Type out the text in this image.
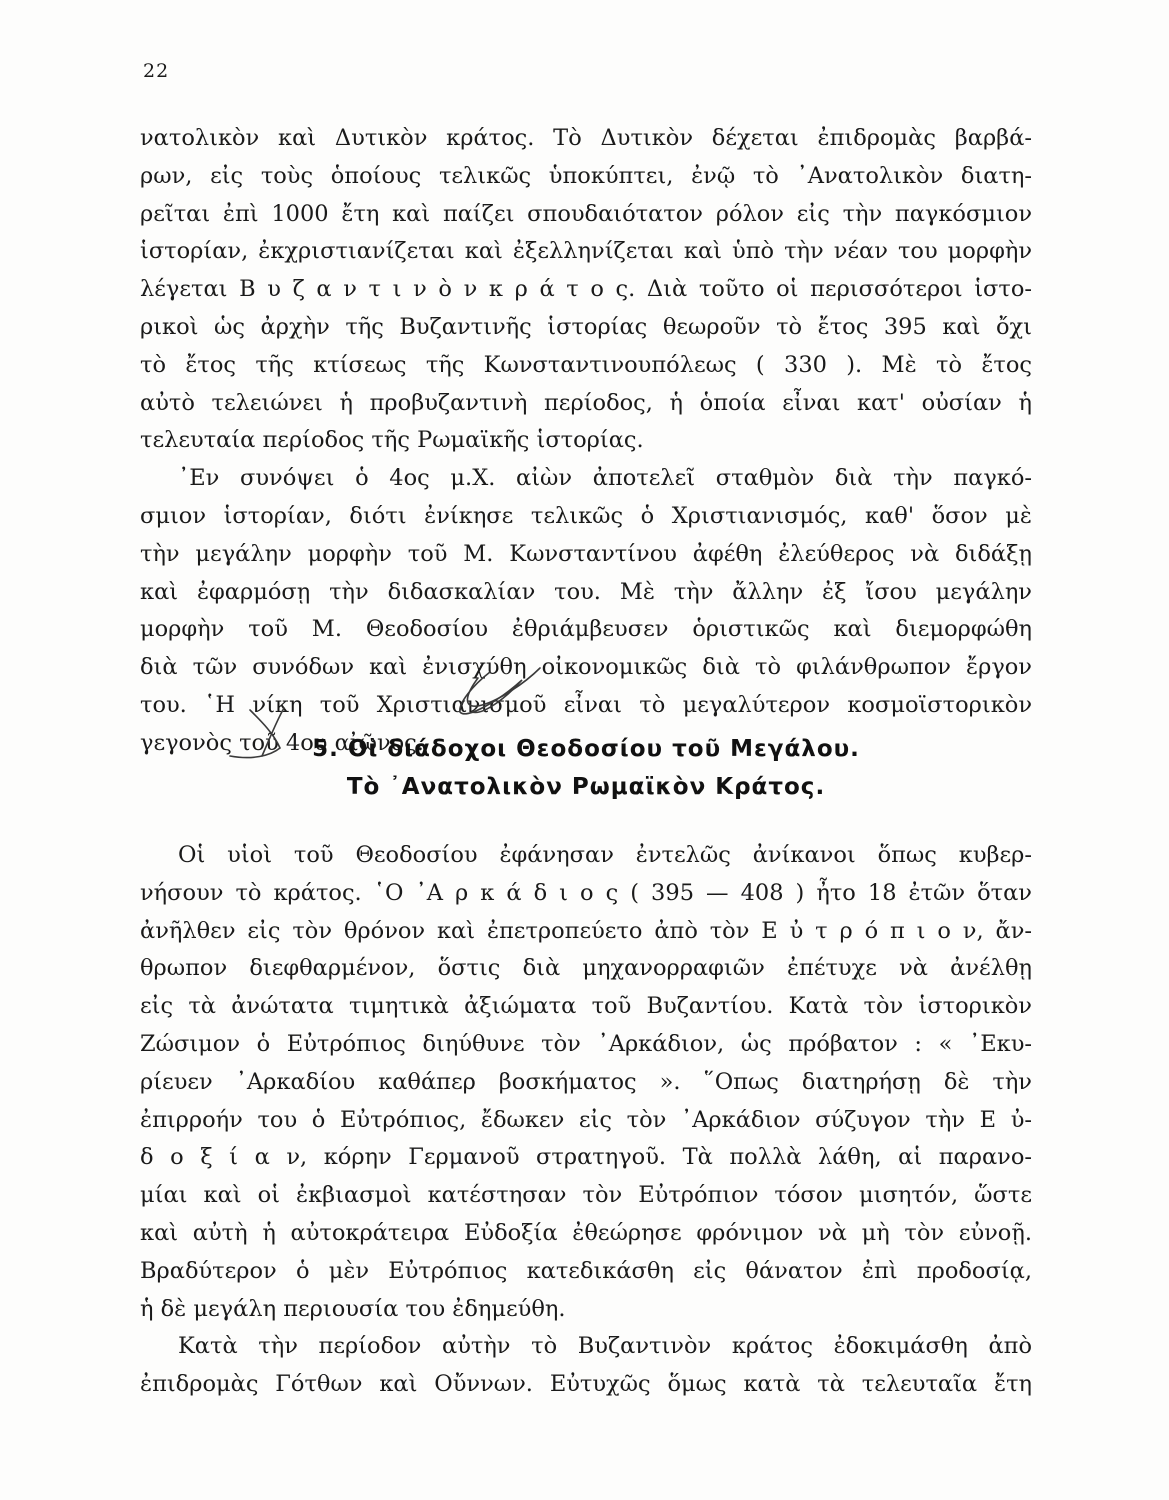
22
νατολικὸν καὶ Δυτικὸν κράτος. Τὸ Δυτικὸν δέχεται ἐπιδρομὰς βαρβά-
ρων, εἰς τοὺς ὁποίους τελικῶς ὑποκύπτει, ἐνῷ τὸ ᾿Ανατολικὸν διατη-
ρεῖται ἐπὶ 1000 ἔτη καὶ παίζει σπουδαιότατον ρόλον εἰς τὴν παγκόσμιον
ἱστορίαν, ἐκχριστιανίζεται καὶ ἐξελληνίζεται καὶ ὑπὸ τὴν νέαν του μορφὴν
λέγεται Β υ ζ α ν τ ι ν ὸ ν κ ρ ά τ ο ς. Διὰ τοῦτο οἱ περισσότεροι ἱστο-
ρικοὶ ὡς ἀρχὴν τῆς Βυζαντινῆς ἱστορίας θεωροῦν τὸ ἔτος 395 καὶ ὄχι
τὸ ἔτος τῆς κτίσεως τῆς Κωνσταντινουπόλεως ( 330 ). Μὲ τὸ ἔτος
αὐτὸ τελειώνει ἡ προβυζαντινὴ περίοδος, ἡ ὁποία εἶναι κατ' οὐσίαν ἡ
τελευταία περίοδος τῆς Ρωμαϊκῆς ἱστορίας.
᾿Εν συνόψει ὁ 4ος μ.Χ. αἰὼν ἀποτελεῖ σταθμὸν διὰ τὴν παγκό-
σμιον ἱστορίαν, διότι ἐνίκησε τελικῶς ὁ Χριστιανισμός, καθ' ὅσον μὲ
τὴν μεγάλην μορφὴν τοῦ Μ. Κωνσταντίνου ἀφέθη ἐλεύθερος νὰ διδάξῃ
καὶ ἐφαρμόσῃ τὴν διδασκαλίαν του. Μὲ τὴν ἄλλην ἐξ ἴσου μεγάλην
μορφὴν τοῦ Μ. Θεοδοσίου ἐθριάμβευσεν ὁριστικῶς καὶ διεμορφώθη
διὰ τῶν συνόδων καὶ ἐνισχύθη οἰκονομικῶς διὰ τὸ φιλάνθρωπον ἔργον
του. ῾Η νίκη τοῦ Χριστιανισμοῦ εἶναι τὸ μεγαλύτερον κοσμοϊστορικὸν
γεγονὸς τοῦ 4ου αἰῶνος.
5. Οἱ διάδοχοι Θεοδοσίου τοῦ Μεγάλου.
Τὸ ᾿Ανατολικὸν Ρωμαϊκὸν Κράτος.
Οἱ υἱοὶ τοῦ Θεοδοσίου ἐφάνησαν ἐντελῶς ἀνίκανοι ὅπως κυβερ-
νήσουν τὸ κράτος. ῾Ο ᾿Α ρ κ ά δ ι ο ς ( 395 — 408 ) ἦτο 18 ἐτῶν ὅταν
ἀνῆλθεν εἰς τὸν θρόνον καὶ ἐπετροπεύετο ἀπὸ τὸν Ε ὐ τ ρ ό π ι ο ν, ἄν-
θρωπον διεφθαρμένον, ὅστις διὰ μηχανορραφιῶν ἐπέτυχε νὰ ἀνέλθῃ
εἰς τὰ ἀνώτατα τιμητικὰ ἀξιώματα τοῦ Βυζαντίου. Κατὰ τὸν ἱστορικὸν
Ζώσιμον ὁ Εὐτρόπιος διηύθυνε τὸν ᾿Αρκάδιον, ὡς πρόβατον : « ᾿Εκυ-
ρίευεν ᾿Αρκαδίου καθάπερ βοσκήματος ». ῞Οπως διατηρήσῃ δὲ τὴν
ἐπιρροήν του ὁ Εὐτρόπιος, ἔδωκεν εἰς τὸν ᾿Αρκάδιον σύζυγον τὴν Ε ὐ-
δ ο ξ ί α ν, κόρην Γερμανοῦ στρατηγοῦ. Τὰ πολλὰ λάθη, αἱ παρανο-
μίαι καὶ οἱ ἐκβιασμοὶ κατέστησαν τὸν Εὐτρόπιον τόσον μισητόν, ὥστε
καὶ αὐτὴ ἡ αὐτοκράτειρα Εὐδοξία ἐθεώρησε φρόνιμον νὰ μὴ τὸν εὐνοῇ.
Βραδύτερον ὁ μὲν Εὐτρόπιος κατεδικάσθη εἰς θάνατον ἐπὶ προδοσίᾳ,
ἡ δὲ μεγάλη περιουσία του ἐδημεύθη.
Κατὰ τὴν περίοδον αὐτὴν τὸ Βυζαντινὸν κράτος ἐδοκιμάσθη ἀπὸ
ἐπιδρομὰς Γότθων καὶ Οὔννων. Εὐτυχῶς ὅμως κατὰ τὰ τελευταῖα ἔτη
